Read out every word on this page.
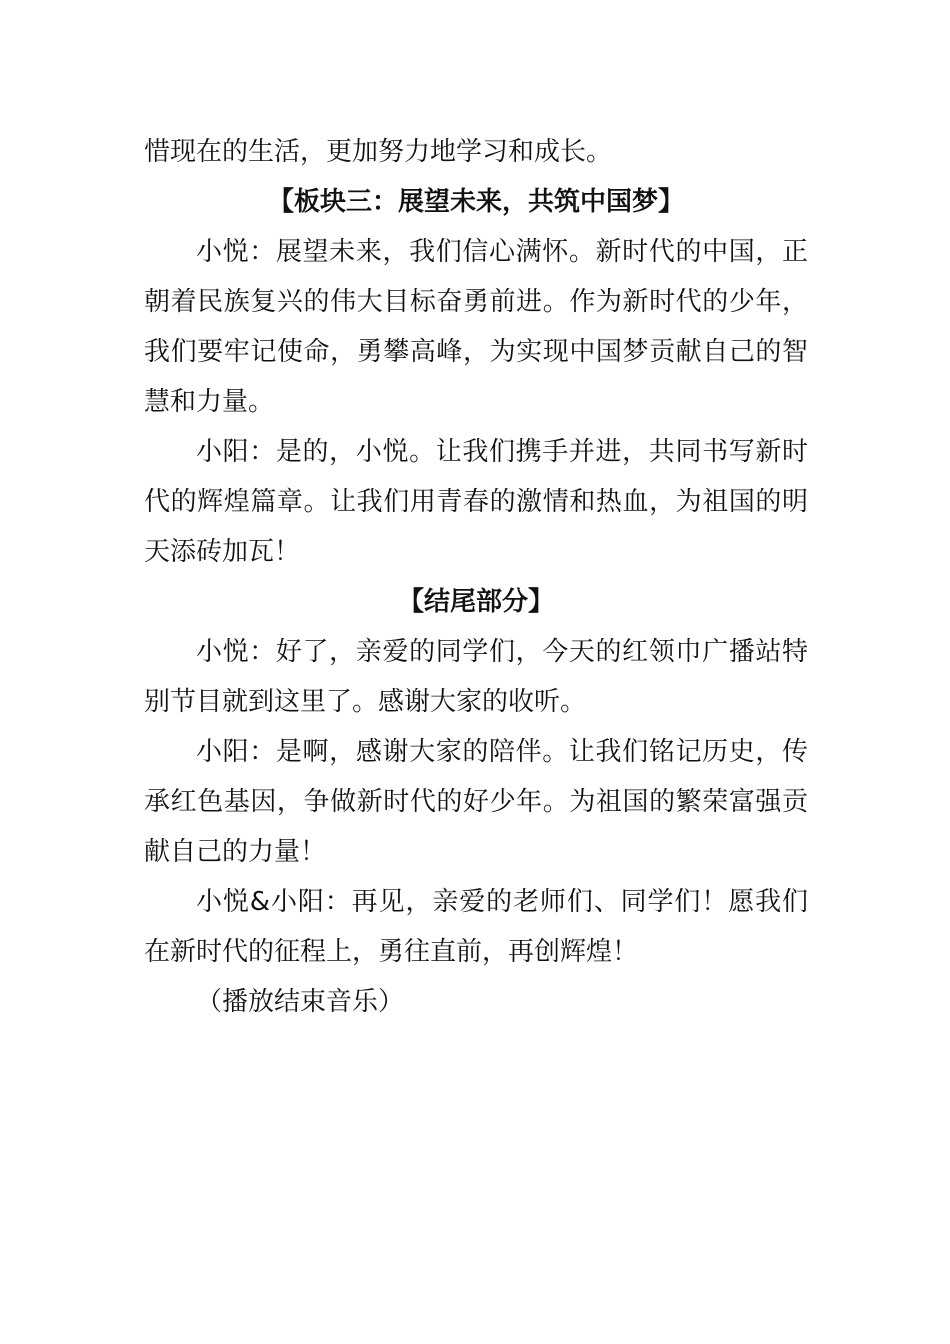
惜现在的生活，更加努力地学习和成长。

【板块三：展望未来，共筑中国梦】

小悦：展望未来，我们信心满怀。新时代的中国，正朝着民族复兴的伟大目标奋勇前进。作为新时代的少年，我们要牢记使命，勇攀高峰，为实现中国梦贡献自己的智慧和力量。

小阳：是的，小悦。让我们携手并进，共同书写新时代的辉煌篇章。让我们用青春的激情和热血，为祖国的明天添砖加瓦！

【结尾部分】

小悦：好了，亲爱的同学们，今天的红领巾广播站特别节目就到这里了。感谢大家的收听。

小阳：是啊，感谢大家的陪伴。让我们铭记历史，传承红色基因，争做新时代的好少年。为祖国的繁荣富强贡献自己的力量！

小悦&小阳：再见，亲爱的老师们、同学们！愿我们在新时代的征程上，勇往直前，再创辉煌！

（播放结束音乐）
